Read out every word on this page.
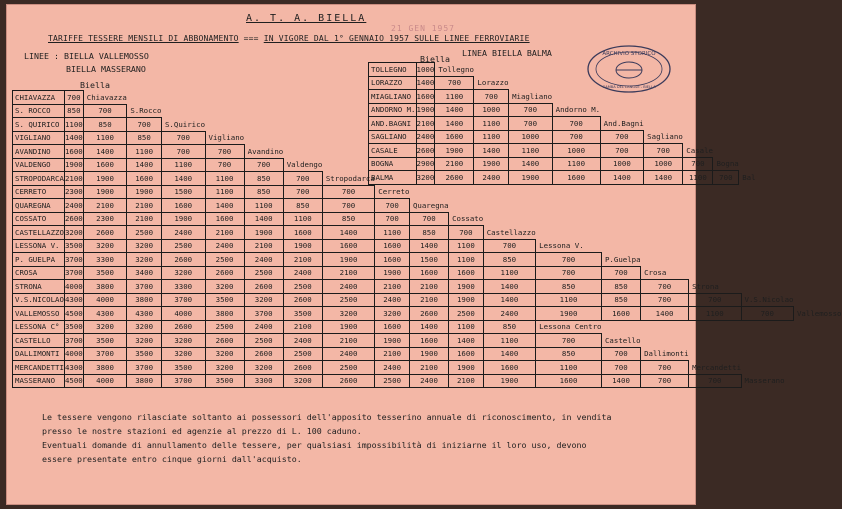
A. T. A. BIELLA
21 GEN 1957
TARIFFE TESSERE MENSILI DI ABBONAMENTO === IN VIGORE DAL 1° GENNAIO 1957 SULLE LINEE FERROVIARIE
LINEE : BIELLA VALLEMOSSO
BIELLA MASSERANO
Biella
CHIAVAZZA	700	Chiavazza																
S. ROCCO	850	700	S.Rocco															
S. QUIRICO	1100	850	700	S.Quirico														
VIGLIANO	1400	1100	850	700	Vigliano													
AVANDINO	1600	1400	1100	700	700	Avandino												
VALDENGO	1900	1600	1400	1100	700	700	Valdengo											
STROPODARCA	2100	1900	1600	1400	1100	850	700	Stropodarca										
CERRETO	2300	1900	1900	1500	1100	850	700	700	Cerreto									
QUAREGNA	2400	2100	2100	1600	1400	1100	850	700	700	Quaregna								
COSSATO	2600	2300	2100	1900	1600	1400	1100	850	700	700	Cossato							
CASTELLAZZO	3200	2600	2500	2400	2100	1900	1600	1400	1100	850	700	Castellazzo						
LESSONA V.	3500	3200	3200	2500	2400	2100	1900	1600	1600	1400	1100	700	Lessona V.					
P. GUELPA	3700	3300	3200	2600	2500	2400	2100	1900	1600	1500	1100	850	700	P.Guelpa				
CROSA	3700	3500	3400	3200	2600	2500	2400	2100	1900	1600	1600	1100	700	700	Crosa			
STRONA	4000	3800	3700	3300	3200	2600	2500	2400	2100	2100	1900	1400	850	850	700	Strona		
V.S.NICOLAO	4300	4000	3800	3700	3500	3200	2600	2500	2400	2100	1900	1400	1100	850	700	700	V.S.Nicolao	
VALLEMOSSO	4500	4300	4300	4000	3800	3700	3500	3200	3200	2600	2500	2400	1900	1600	1400	1100	700	Vallemosso
LESSONA C°	3500	3200	3200	2600	2500	2400	2100	1900	1600	1400	1100	850	Lessona Centro					
CASTELLO	3700	3500	3200	3200	2600	2500	2400	2100	1900	1600	1400	1100	700	Castello				
DALLIMONTI	4000	3700	3500	3200	3200	2600	2500	2400	2100	1900	1600	1400	850	700	Dallimonti			
MERCANDETTI	4300	3800	3700	3500	3200	3200	2600	2500	2400	2100	1900	1600	1100	700	700	Mercandetti		
MASSERANO	4500	4000	3800	3700	3500	3300	3200	2600	2500	2400	2100	1900	1600	1400	700	700	Masserano	
Biella
LINEA BIELLA BALMA
TOLLEGNO	1000	Tollegno								
LORAZZO	1400	700	Lorazzo							
MIAGLIANO	1600	1100	700	Miagliano						
ANDORNO M.	1900	1400	1000	700	Andorno M.					
AND.BAGNI	2100	1400	1100	700	700	And.Bagni				
SAGLIANO	2400	1600	1100	1000	700	700	Sagliano			
CASALE	2600	1900	1400	1100	1000	700	700	Casale		
BOGNA	2900	2100	1900	1400	1100	1000	1000	700	Bogna	
BALMA	3200	2600	2400	1900	1600	1400	1400	1100	700	Bal
ARCHIVIO STORICO
GAMBA DEL LANGSE - BIELLA
Le tessere vengono rilasciate soltanto ai possessori dell'apposito tesserino annuale di riconoscimento, in vendita
presso le nostre stazioni ed agenzie al prezzo di L. 100 caduno.
Eventuali domande di annullamento delle tessere, per qualsiasi impossibilità di iniziarne il loro uso, devono
essere presentate entro cinque giorni dall'acquisto.
